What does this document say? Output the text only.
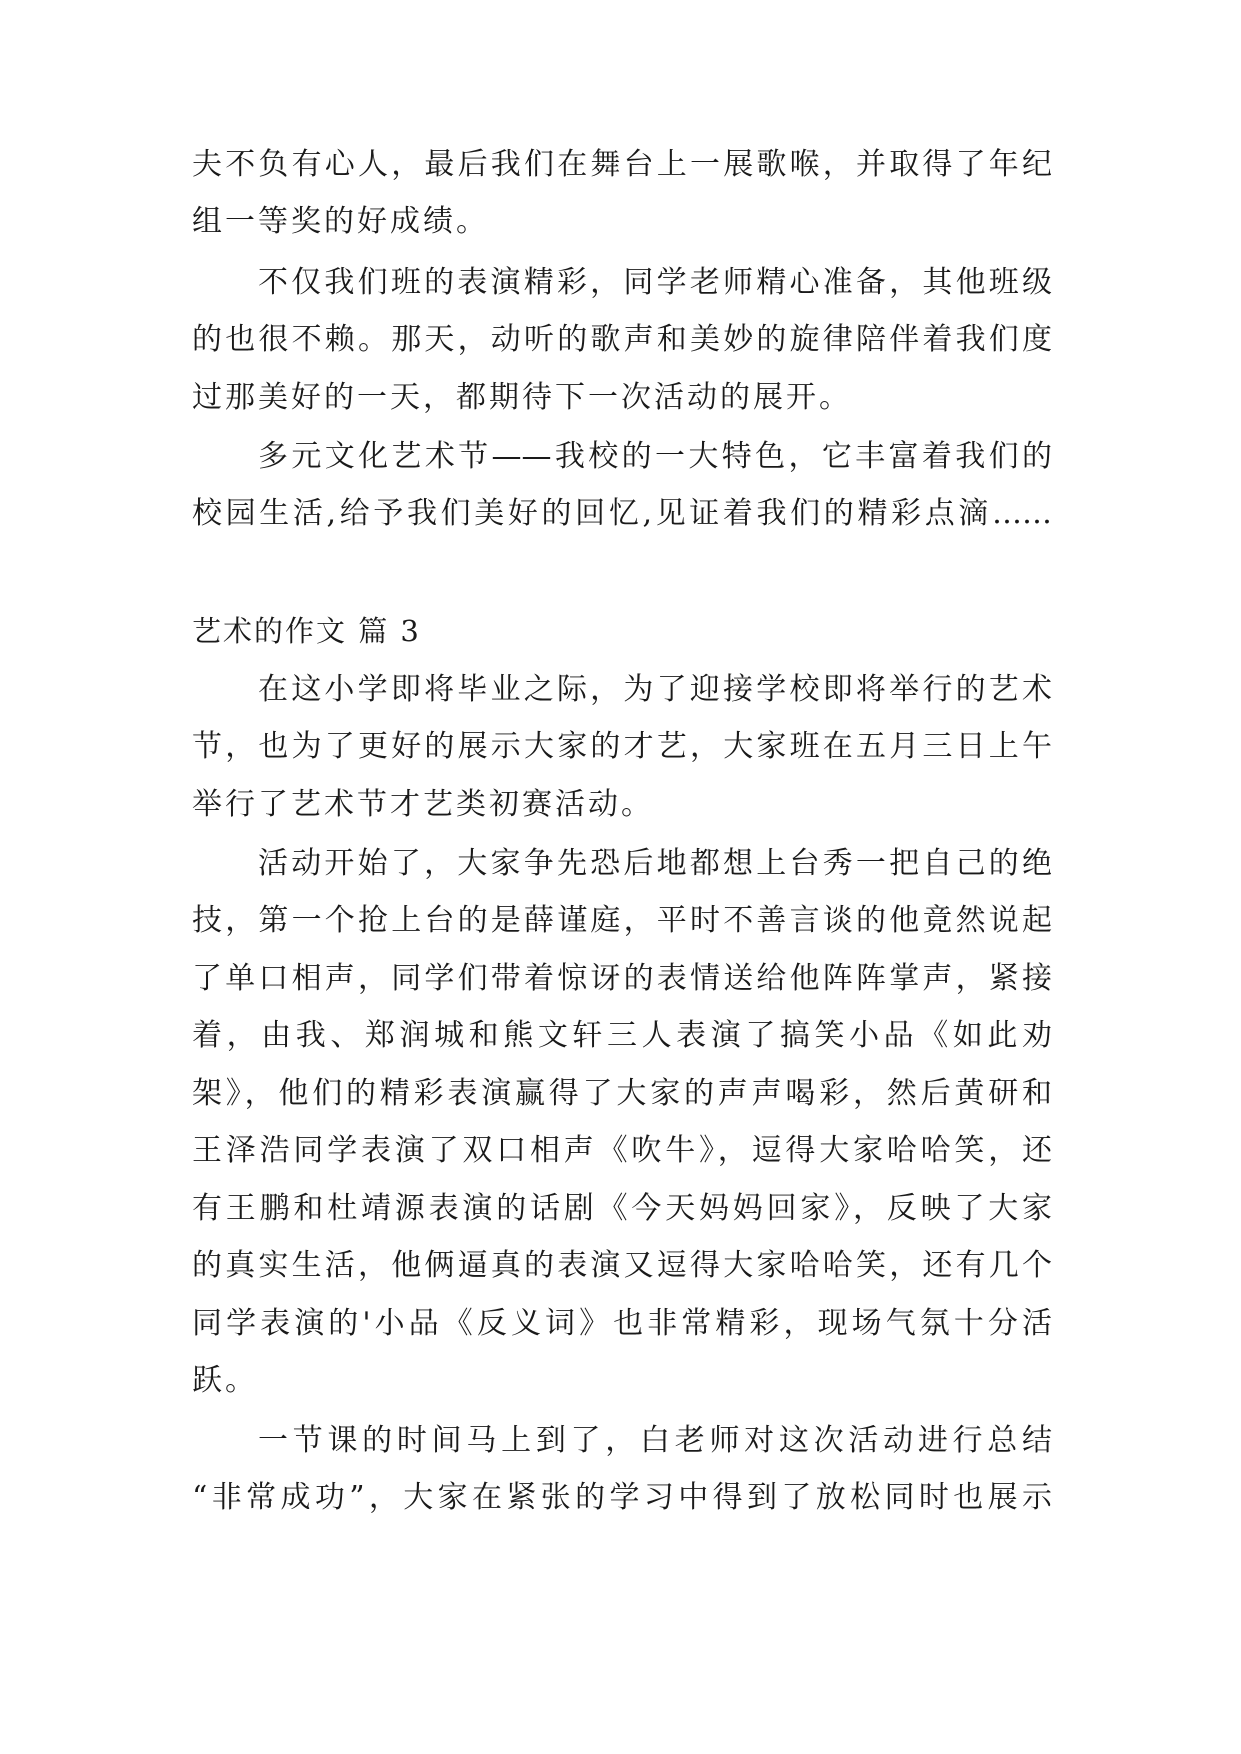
夫不负有心人，最后我们在舞台上一展歌喉，并取得了年纪
组一等奖的好成绩。
不仅我们班的表演精彩，同学老师精心准备，其他班级
的也很不赖。那天，动听的歌声和美妙的旋律陪伴着我们度
过那美好的一天，都期待下一次活动的展开。
多元文化艺术节——我校的一大特色，它丰富着我们的
校园生活,给予我们美好的回忆,见证着我们的精彩点滴……
艺术的作文 篇 3
在这小学即将毕业之际，为了迎接学校即将举行的艺术
节，也为了更好的展示大家的才艺，大家班在五月三日上午
举行了艺术节才艺类初赛活动。
活动开始了，大家争先恐后地都想上台秀一把自己的绝
技，第一个抢上台的是薛谨庭，平时不善言谈的他竟然说起
了单口相声，同学们带着惊讶的表情送给他阵阵掌声，紧接
着，由我、郑润城和熊文轩三人表演了搞笑小品《如此劝
架》，他们的精彩表演赢得了大家的声声喝彩，然后黄研和
王泽浩同学表演了双口相声《吹牛》，逗得大家哈哈笑，还
有王鹏和杜靖源表演的话剧《今天妈妈回家》，反映了大家
的真实生活，他俩逼真的表演又逗得大家哈哈笑，还有几个
同学表演的'小品《反义词》也非常精彩，现场气氛十分活
跃。
一节课的时间马上到了，白老师对这次活动进行总结
“非常成功”，大家在紧张的学习中得到了放松同时也展示
